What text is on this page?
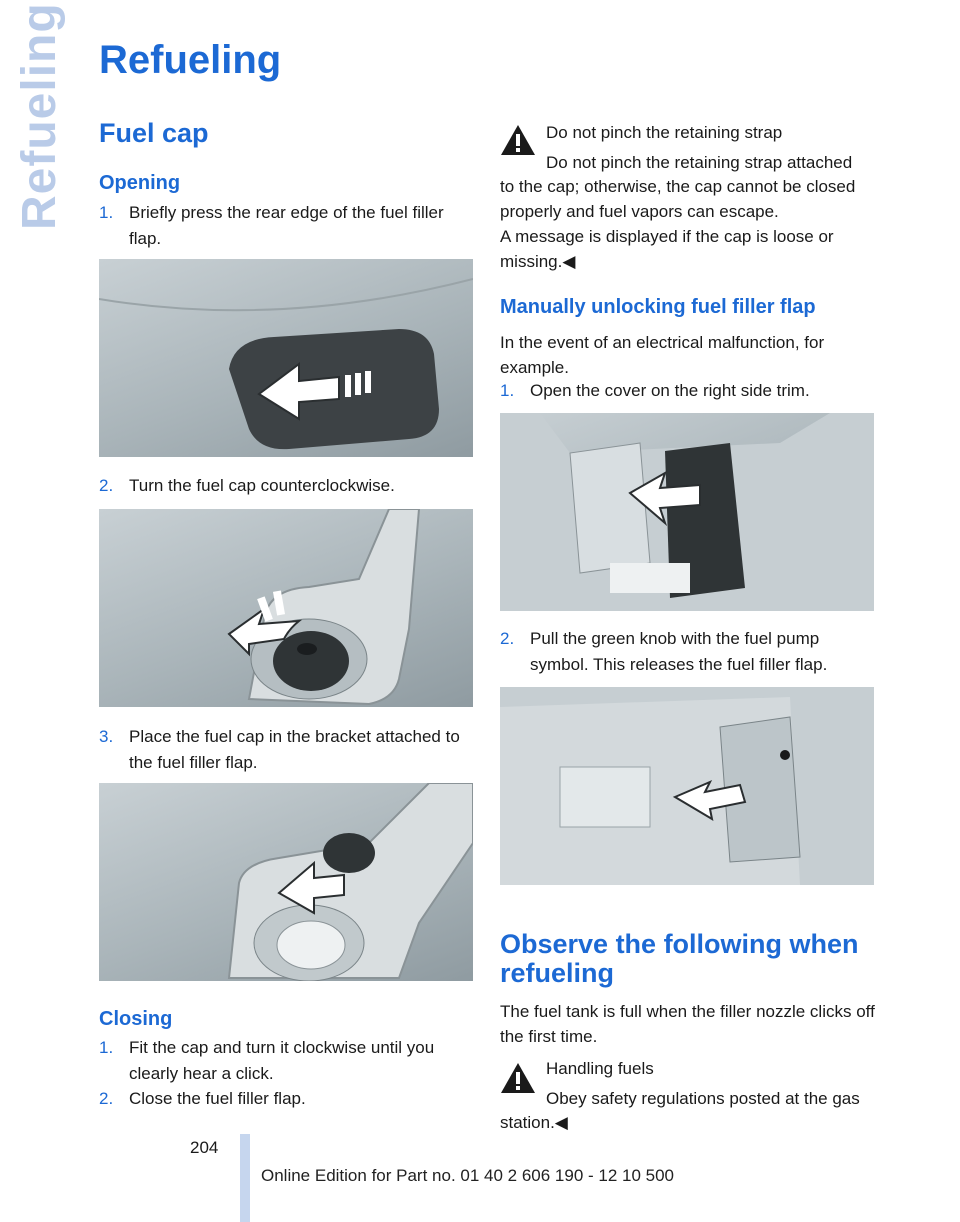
Refueling Refueling
Fuel cap
Opening
1. Briefly press the rear edge of the fuel filler flap.
2. Turn the fuel cap counterclockwise.
3. Place the fuel cap in the bracket attached to the fuel filler flap.
Closing
1. Fit the cap and turn it clockwise until you clearly hear a click.
2. Close the fuel filler flap.
Do not pinch the retaining strap
Do not pinch the retaining strap attached
to the cap; otherwise, the cap cannot be closed properly and fuel vapors can escape.
A message is displayed if the cap is loose or missing.◀
Manually unlocking fuel filler flap
In the event of an electrical malfunction, for example.
1. Open the cover on the right side trim.
2. Pull the green knob with the fuel pump symbol. This releases the fuel filler flap.
Observe the following when refueling
The fuel tank is full when the filler nozzle clicks off the first time.
Handling fuels
Obey safety regulations posted at the gas
station.◀
204
Online Edition for Part no. 01 40 2 606 190 - 12 10 500
